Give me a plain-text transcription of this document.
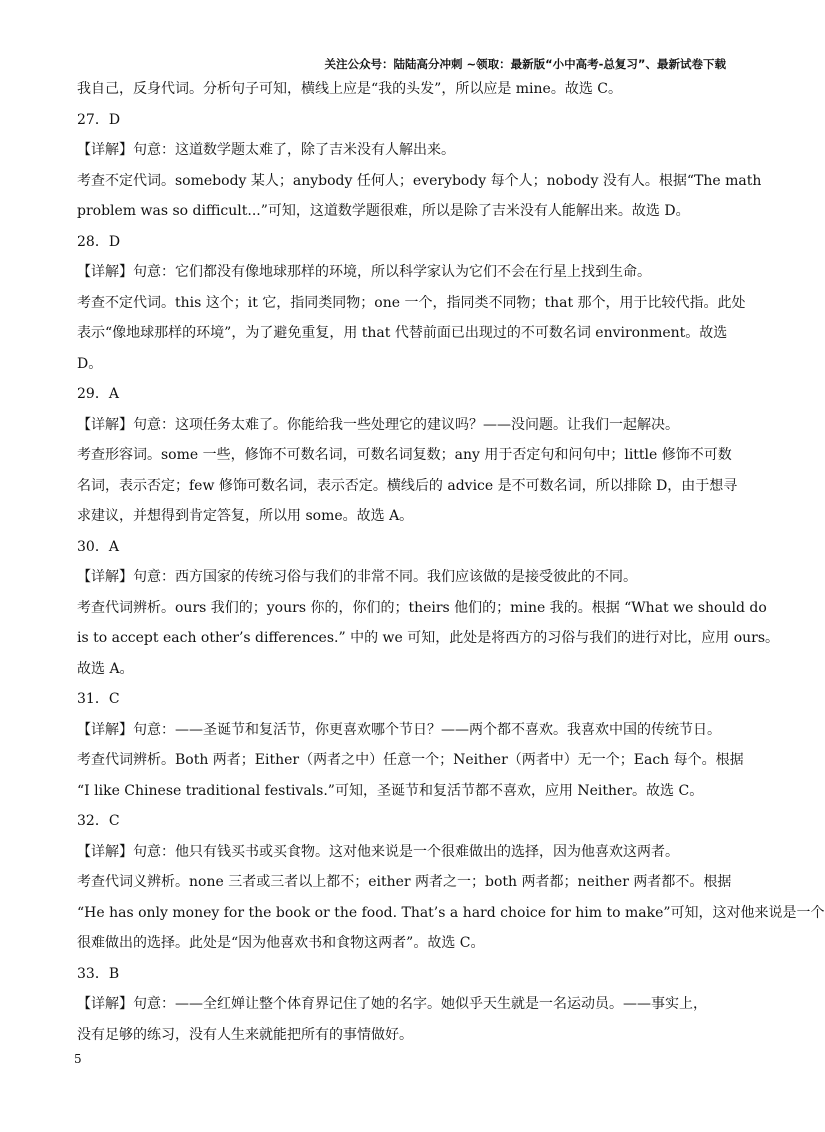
关注公众号：陆陆高分冲刺 ~领取：最新版“小中高考-总复习”、最新试卷下载
我自己，反身代词。分析句子可知，横线上应是“我的头发”，所以应是 mine。故选 C。
27．D
【详解】句意：这道数学题太难了，除了吉米没有人解出来。
考查不定代词。somebody 某人；anybody 任何人；everybody 每个人；nobody 没有人。根据“The math
problem was so difficult...”可知，这道数学题很难，所以是除了吉米没有人能解出来。故选 D。
28．D
【详解】句意：它们都没有像地球那样的环境，所以科学家认为它们不会在行星上找到生命。
考查不定代词。this 这个；it 它，指同类同物；one 一个，指同类不同物；that 那个，用于比较代指。此处
表示“像地球那样的环境”，为了避免重复，用 that 代替前面已出现过的不可数名词 environment。故选
D。
29．A
【详解】句意：这项任务太难了。你能给我一些处理它的建议吗？——没问题。让我们一起解决。
考查形容词。some 一些，修饰不可数名词，可数名词复数；any 用于否定句和问句中；little 修饰不可数
名词，表示否定；few 修饰可数名词，表示否定。横线后的 advice 是不可数名词，所以排除 D，由于想寻
求建议，并想得到肯定答复，所以用 some。故选 A。
30．A
【详解】句意：西方国家的传统习俗与我们的非常不同。我们应该做的是接受彼此的不同。
考查代词辨析。ours 我们的；yours 你的，你们的；theirs 他们的；mine 我的。根据 “What we should do
is to accept each other’s differences.” 中的 we 可知，此处是将西方的习俗与我们的进行对比，应用 ours。
故选 A。
31．C
【详解】句意：——圣诞节和复活节，你更喜欢哪个节日？——两个都不喜欢。我喜欢中国的传统节日。
考查代词辨析。Both 两者；Either（两者之中）任意一个；Neither（两者中）无一个；Each 每个。根据
“I like Chinese traditional festivals.”可知，圣诞节和复活节都不喜欢，应用 Neither。故选 C。
32．C
【详解】句意：他只有钱买书或买食物。这对他来说是一个很难做出的选择，因为他喜欢这两者。
考查代词义辨析。none 三者或三者以上都不；either 两者之一；both 两者都；neither 两者都不。根据
“He has only money for the book or the food. That’s a hard choice for him to make”可知，这对他来说是一个
很难做出的选择。此处是“因为他喜欢书和食物这两者”。故选 C。
33．B
【详解】句意：——全红婵让整个体育界记住了她的名字。她似乎天生就是一名运动员。——事实上，
没有足够的练习，没有人生来就能把所有的事情做好。
5
